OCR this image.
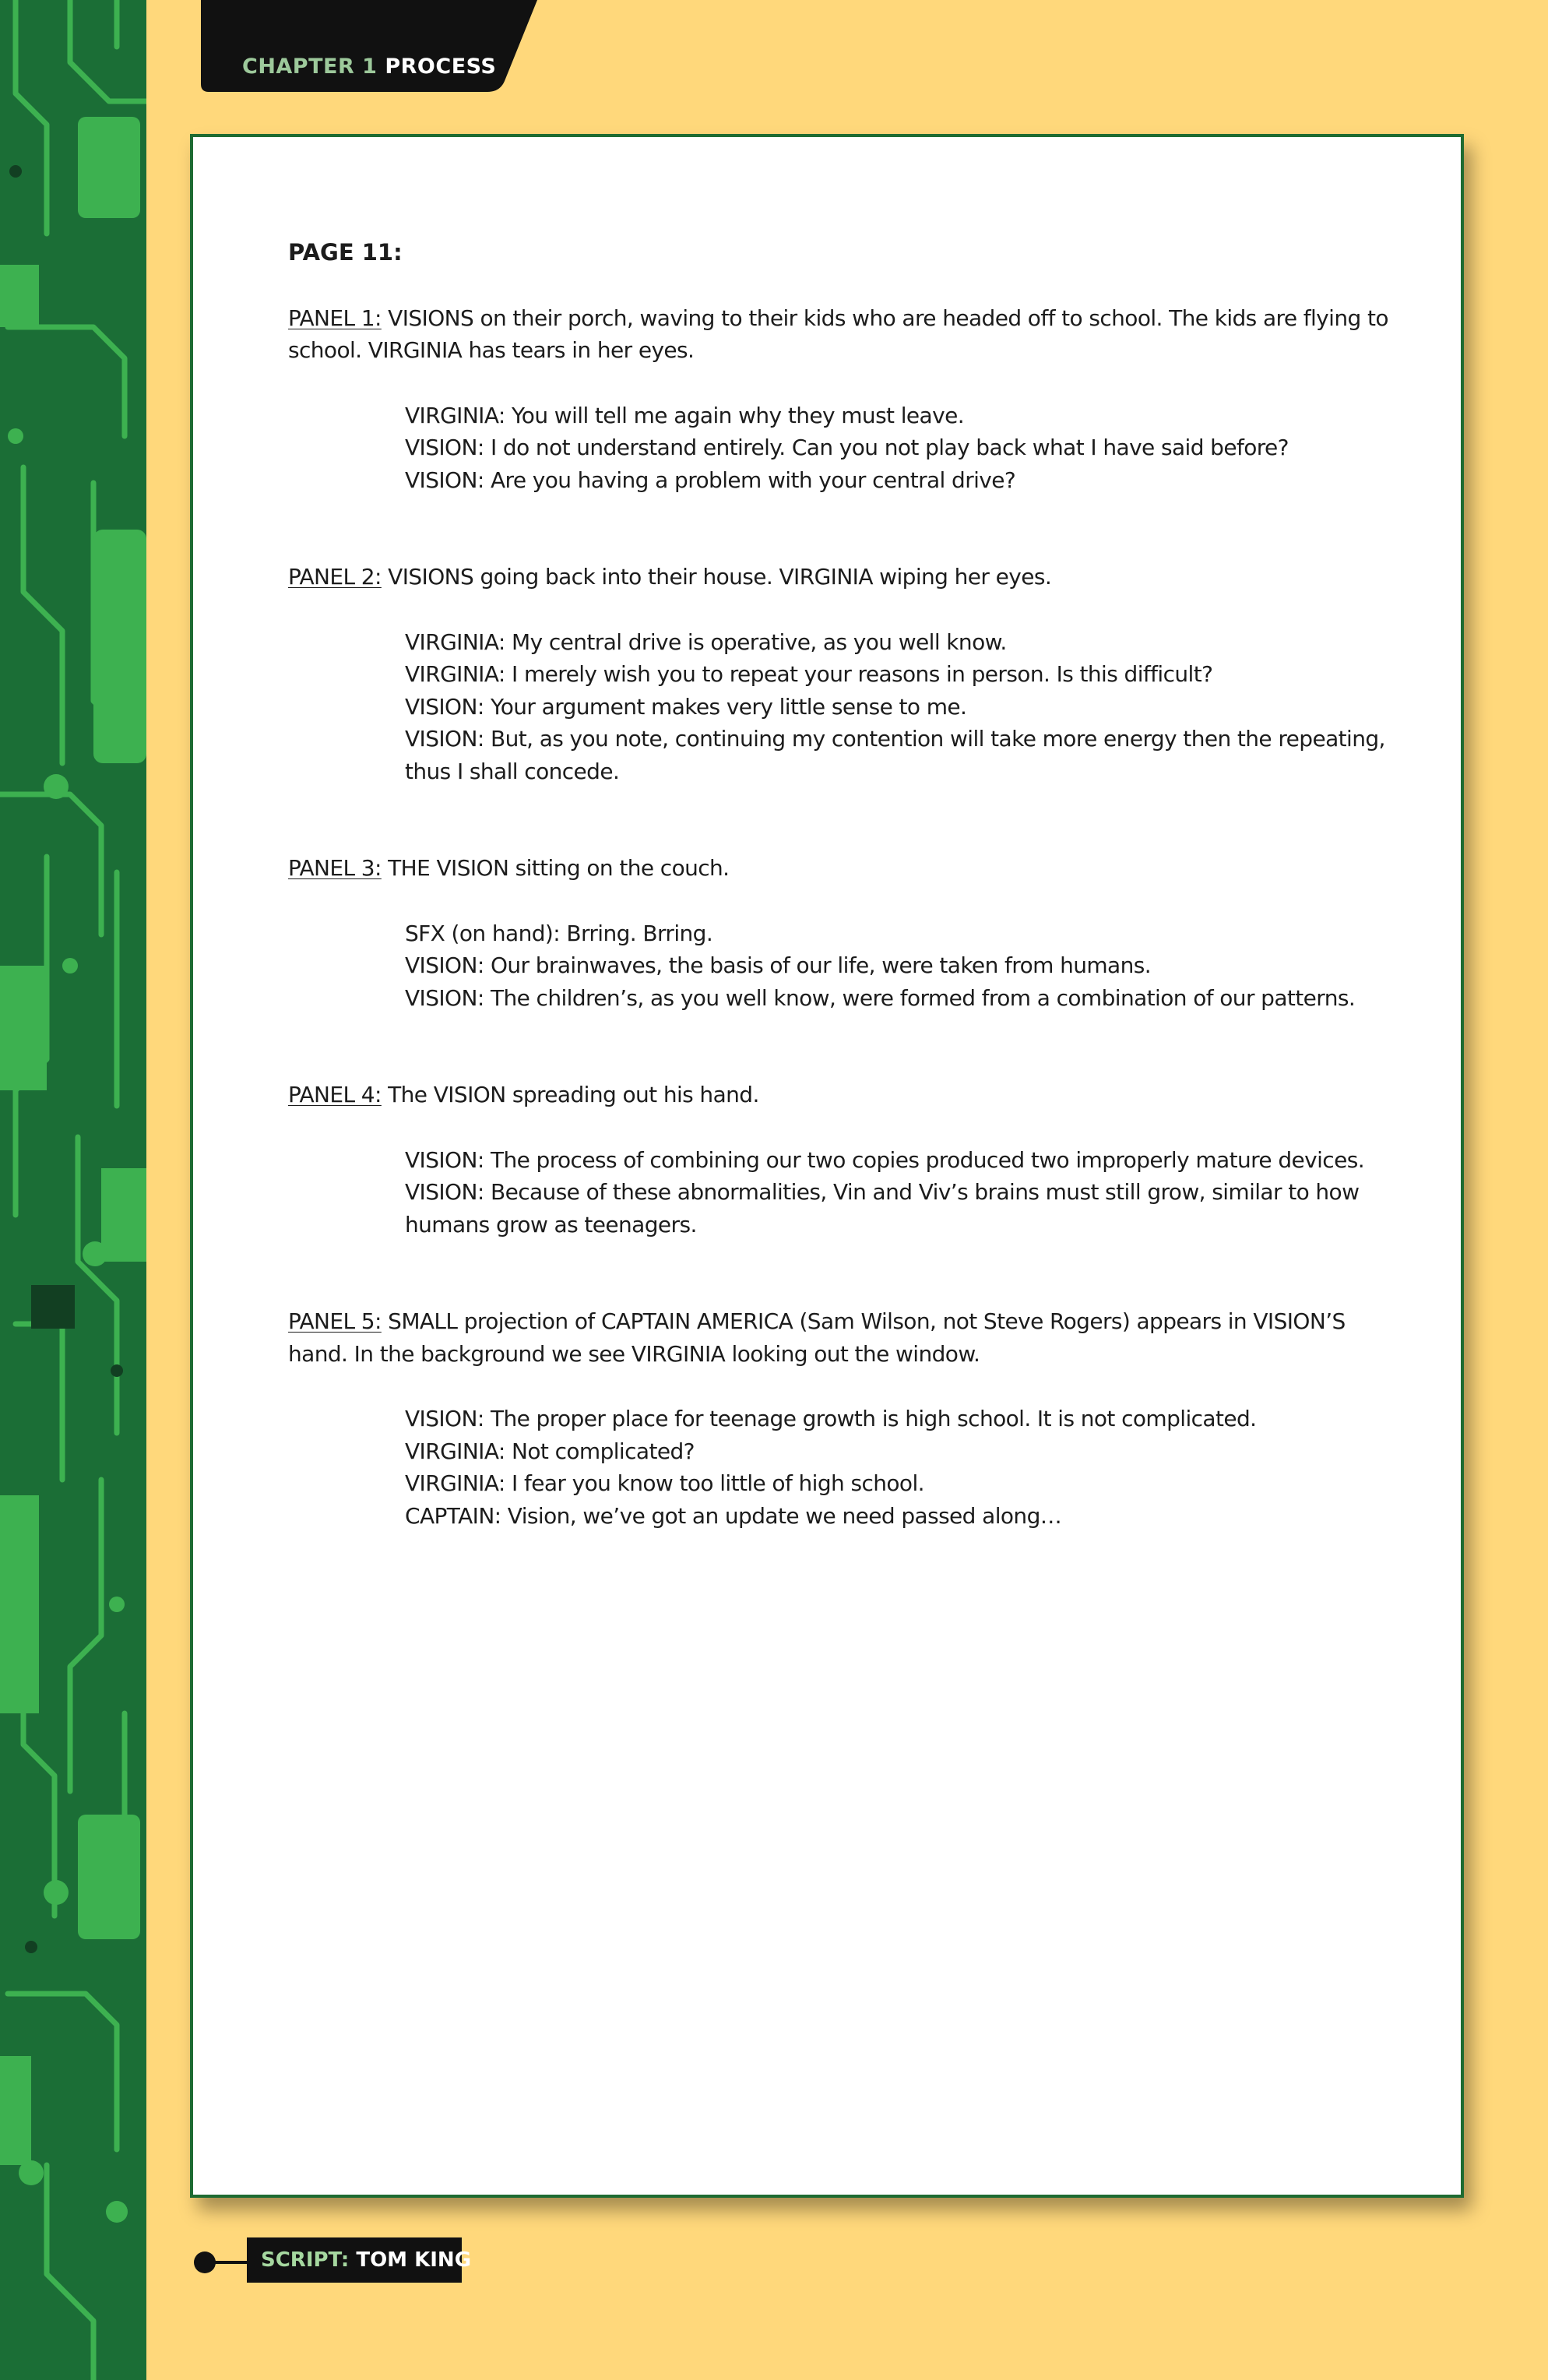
CHAPTER 1 PROCESS
PAGE 11:

PANEL 1: VISIONS on their porch, waving to their kids who are headed off to school. The kids are flying to school. VIRGINIA has tears in her eyes.

VIRGINIA: You will tell me again why they must leave.
VISION: I do not understand entirely. Can you not play back what I have said before?
VISION: Are you having a problem with your central drive?

PANEL 2: VISIONS going back into their house. VIRGINIA wiping her eyes.

VIRGINIA: My central drive is operative, as you well know.
VIRGINIA: I merely wish you to repeat your reasons in person. Is this difficult?
VISION: Your argument makes very little sense to me.
VISION: But, as you note, continuing my contention will take more energy then the repeating, thus I shall concede.

PANEL 3: THE VISION sitting on the couch.

SFX (on hand): Brring. Brring.
VISION: Our brainwaves, the basis of our life, were taken from humans.
VISION: The children’s, as you well know, were formed from a combination of our patterns.

PANEL 4: The VISION spreading out his hand.

VISION: The process of combining our two copies produced two improperly mature devices.
VISION: Because of these abnormalities, Vin and Viv’s brains must still grow, similar to how humans grow as teenagers.

PANEL 5: SMALL projection of CAPTAIN AMERICA (Sam Wilson, not Steve Rogers) appears in VISION’S hand. In the background we see VIRGINIA looking out the window.

VISION: The proper place for teenage growth is high school. It is not complicated.
VIRGINIA: Not complicated?
VIRGINIA: I fear you know too little of high school.
CAPTAIN: Vision, we’ve got an update we need passed along…
SCRIPT: TOM KING
